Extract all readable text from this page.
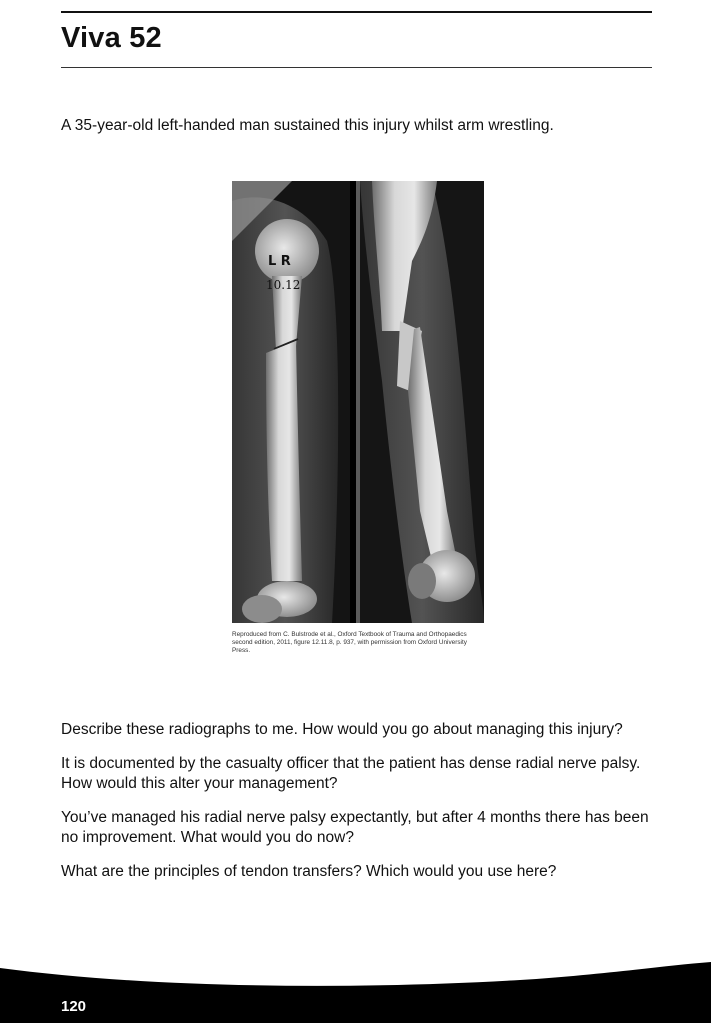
Viva 52
A 35-year-old left-handed man sustained this injury whilst arm wrestling.
L R
10.12
Reproduced from C. Bulstrode et al., Oxford Textbook of Trauma and Orthopaedics second edition, 2011, figure 12.11.8, p. 937, with permission from Oxford University Press.

Describe these radiographs to me. How would you go about managing this injury?

It is documented by the casualty officer that the patient has dense radial nerve palsy. How would this alter your management?

You’ve managed his radial nerve palsy expectantly, but after 4 months there has been no improvement. What would you do now?

What are the principles of tendon transfers? Which would you use here?

120
